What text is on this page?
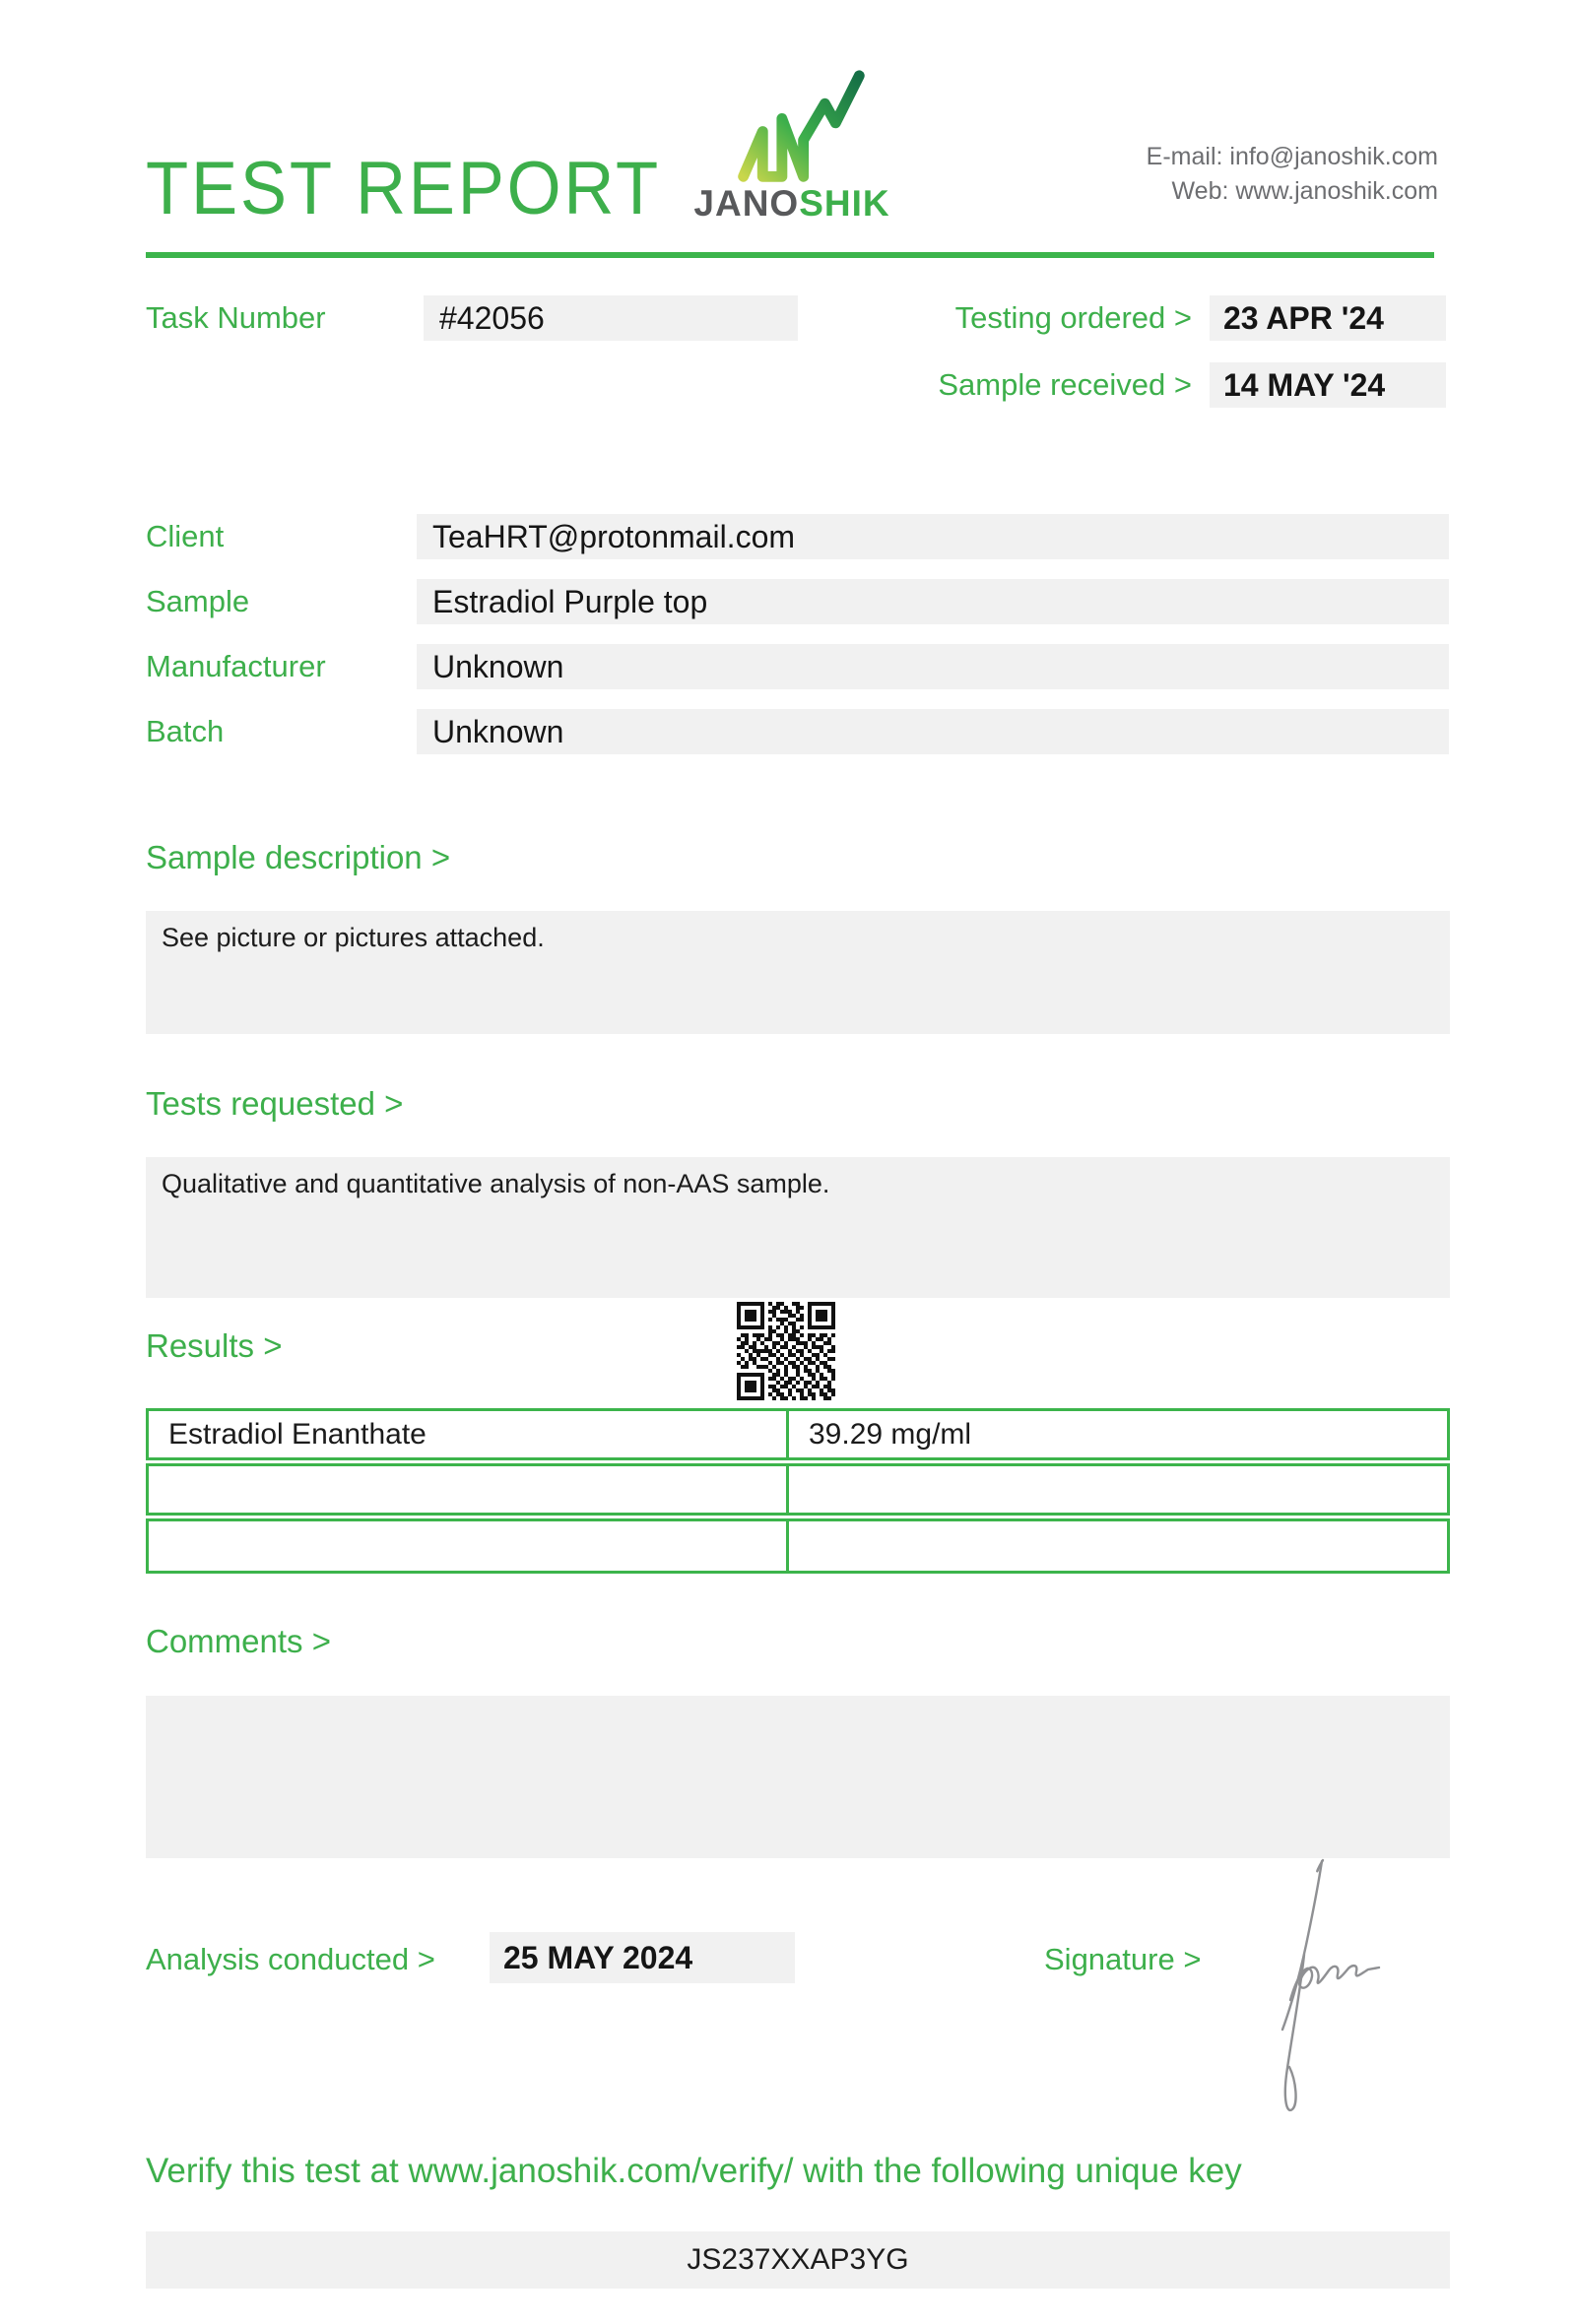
TEST REPORT JANOSHIK
E-mail: info@janoshik.com
Web: www.janoshik.com
Task Number	#42056	Testing ordered >	23 APR '24
Sample received >	14 MAY '24
Client	TeaHRT@protonmail.com
Sample	Estradiol Purple top
Manufacturer	Unknown
Batch	Unknown
Sample description >
See picture or pictures attached.
Tests requested >
Qualitative and quantitative analysis of non-AAS sample.
Results >
Estradiol Enanthate	39.29 mg/ml
Comments >
Analysis conducted >	25 MAY 2024	Signature >
Verify this test at www.janoshik.com/verify/ with the following unique key
JS237XXAP3YG
